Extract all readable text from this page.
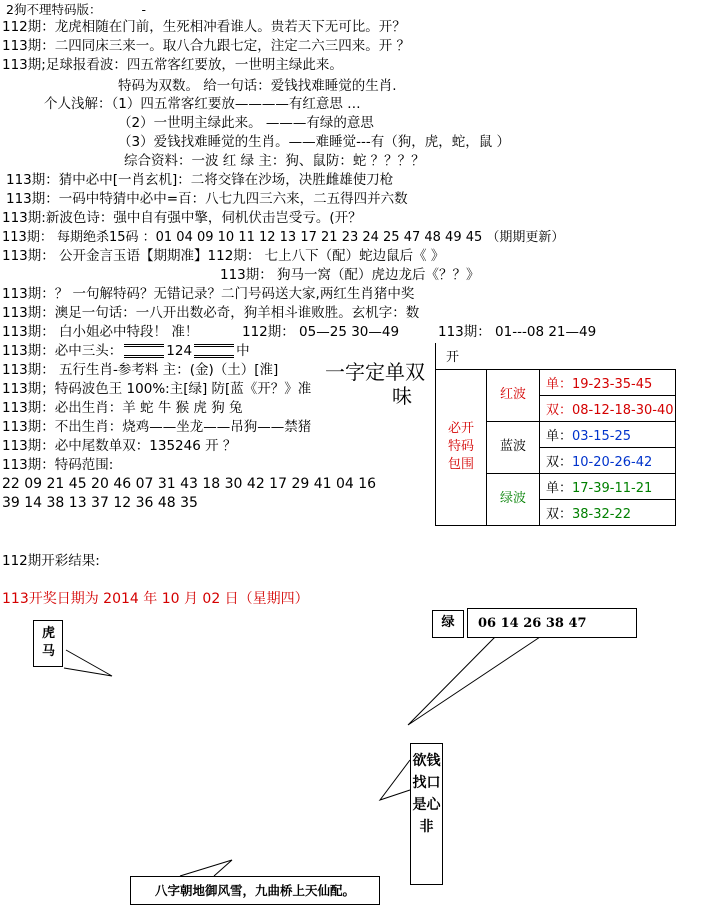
2狗不理特码版：	-
112期：龙虎相随在门前，生死相冲看谁人。贵若天下无可比。开？
113期：二四同床三来一。取八合九跟七定，注定二六三四来。开 ？
113期;足球报看波：四五常客红要放，一世明主绿此来。
特码为双数。 给一句话：爱钱找难睡觉的生肖.
个人浅解：（1）四五常客红要放————有红意思 …
（2）一世明主绿此来。 ———有绿的意思
（3）爱钱找难睡觉的生肖。——难睡觉---有（狗，虎，蛇，鼠 ）
综合资料：一波 红 绿 主：狗、鼠防：蛇 ？？？？
113期：猜中必中[一肖玄机]：二将交锋在沙场，决胜雌雄使刀枪
113期：一码中特猜中必中=百：八七九四三六来，二五得四并六数
113期:新波色诗：强中自有强中擎，伺机伏击岂受亏。(开？
113期： 每期绝杀15码 ：01 04 09 10 11 12 13 17 21 23 24 25 47 48 49 45 （期期更新）
113期： 公开金言玉语【期期准】112期： 七上八下（配）蛇边鼠后《 》
113期： 狗马一窝（配）虎边龙后《？？》
113期：？ 一句解特码？无错记录？二门号码送大家,两红生肖猪中奖
113期：澳足一句话：一八开出数必奇，狗羊相斗谁败胜。玄机字：数
113期： 白小姐必中特段！ 准！	112期： 05—25 30—49	113期： 01---08 21—49
113期：必中三头：	124	中
113期： 五行生肖-参考料 主：(金)（土）[淮]
113期；特码波色王 100%:主[绿] 防[蓝《开？》准
113期：必出生肖：羊 蛇 牛 猴 虎 狗 兔
113期：不出生肖：烧鸡——坐龙——吊狗——禁猪
113期：必中尾数单双：135246 开 ？
113期：特码范围:
22 09 21 45 20 46 07 31 43 18 30 42 17 29 41 04 16
39 14 38 13 37 12 36 48 35
一字定单双
味
开		
必开特码包围	红波	单：19-23-35-45
		双：08-12-18-30-40
	蓝波	单：03-15-25
		双：10-20-26-42
	绿波	单：17-39-11-21
		双：38-32-22
112期开彩结果:
113开奖日期为 2014 年 10 月 02 日（星期四）
虎马
绿	06 14 26 38 47
欲钱找口是心非
八字朝地御风雪，九曲桥上天仙配。
